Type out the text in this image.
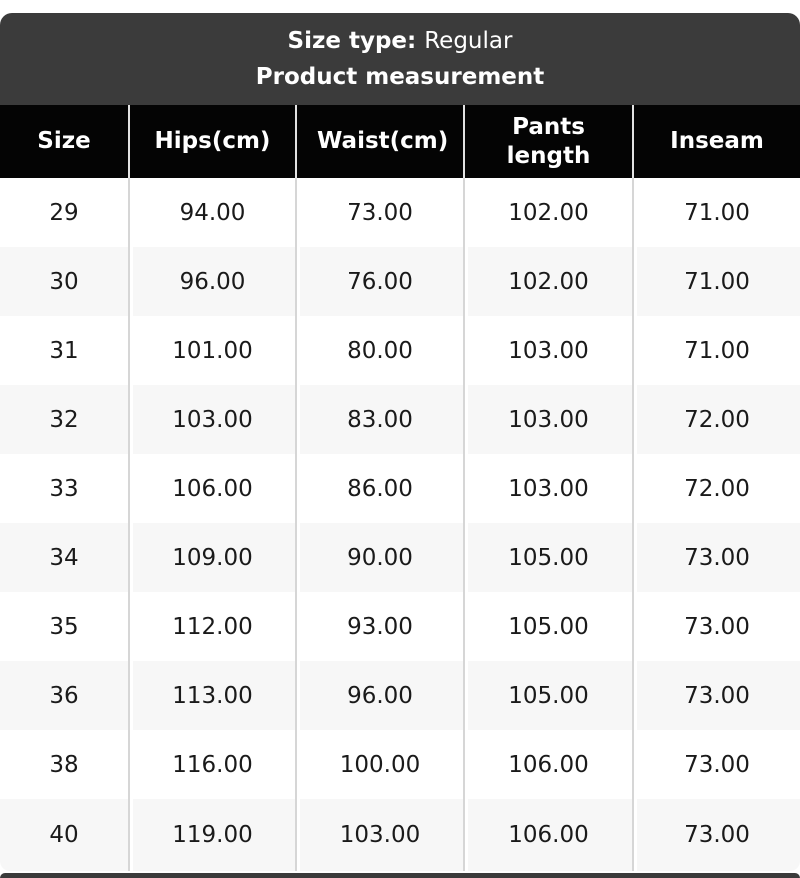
Size type: Regular
Product measurement
Size	Hips(cm)	Waist(cm)	Pants length	Inseam
29	94.00	73.00	102.00	71.00
30	96.00	76.00	102.00	71.00
31	101.00	80.00	103.00	71.00
32	103.00	83.00	103.00	72.00
33	106.00	86.00	103.00	72.00
34	109.00	90.00	105.00	73.00
35	112.00	93.00	105.00	73.00
36	113.00	96.00	105.00	73.00
38	116.00	100.00	106.00	73.00
40	119.00	103.00	106.00	73.00
